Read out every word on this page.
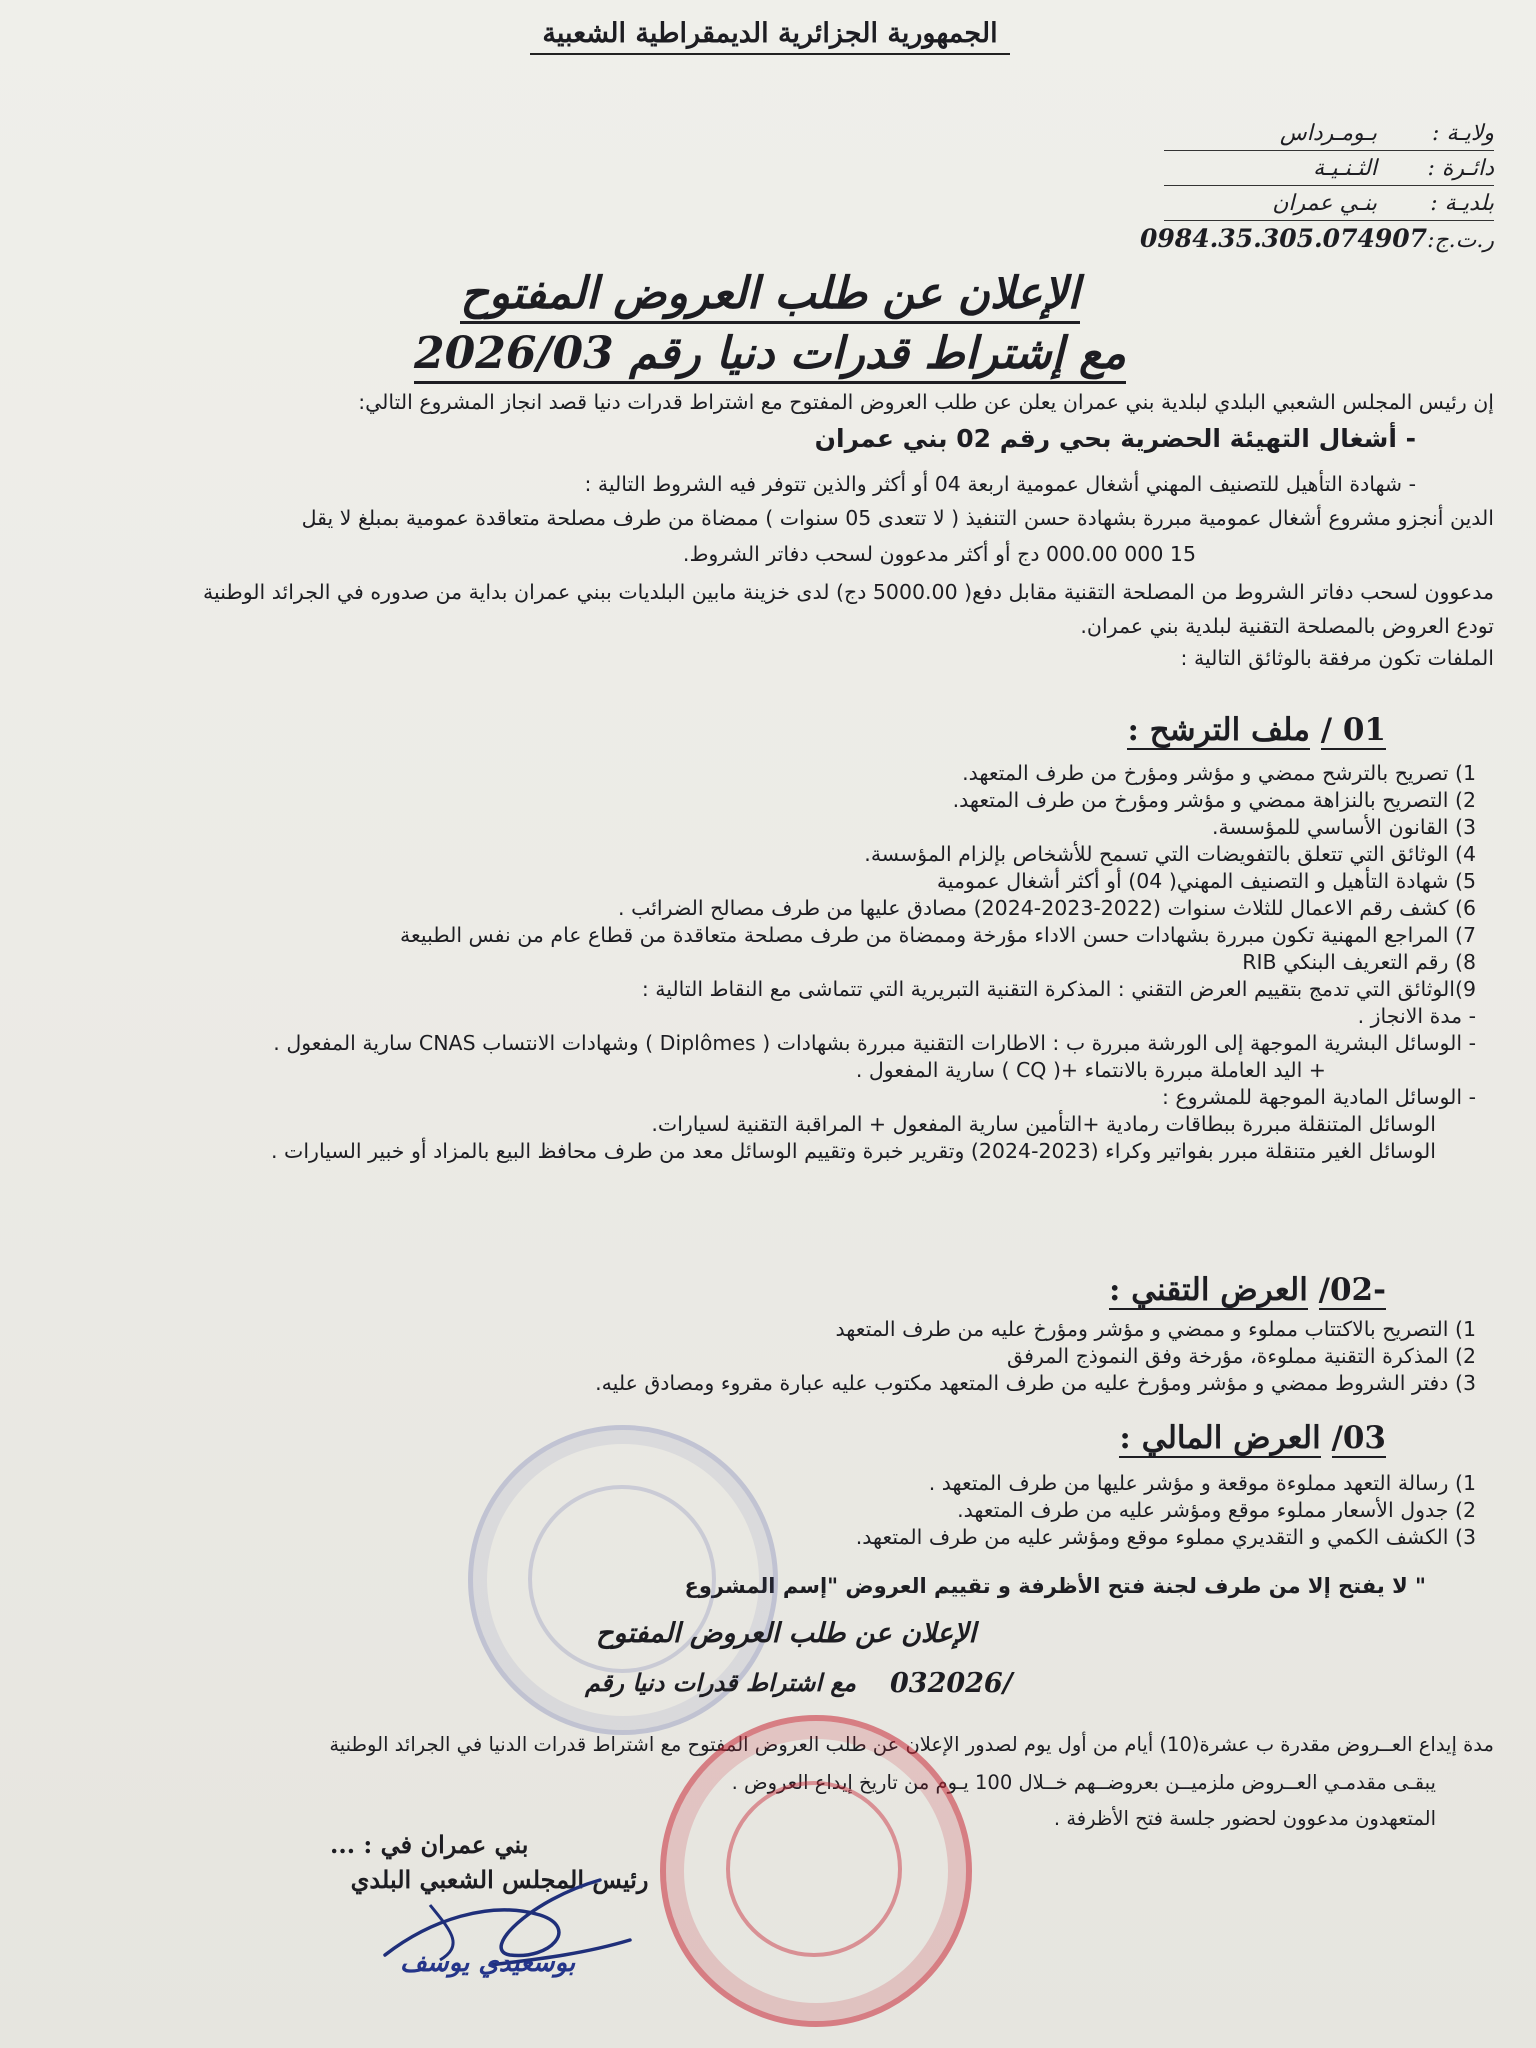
الجمهورية الجزائرية الديمقراطية الشعبية
ولايـة : بـومـرداس
دائـرة : الثـنـيـة
بلديـة : بنـي عمران
ر.ت.ج:0984.35.305.074907
الإعلان عن طلب العروض المفتوح
مع إشتراط قدرات دنيا رقم 2026/03
إن رئيس المجلس الشعبي البلدي لبلدية بني عمران يعلن عن طلب العروض المفتوح مع اشتراط قدرات دنيا قصد انجاز المشروع التالي:
- أشغال التهيئة الحضرية بحي رقم 02 بني عمران
- شهادة التأهيل للتصنيف المهني أشغال عمومية اربعة 04 أو أكثر والذين تتوفر فيه الشروط التالية :
الدين أنجزو مشروع أشغال عمومية مبررة بشهادة حسن التنفيذ ( لا تتعدى 05 سنوات ) ممضاة من طرف مصلحة متعاقدة عمومية بمبلغ لا يقل
15 000 000.00 دج أو أكثر مدعوون لسحب دفاتر الشروط.
مدعوون لسحب دفاتر الشروط من المصلحة التقنية مقابل دفع( 5000.00 دج) لدى خزينة مابين البلديات ببني عمران بداية من صدوره في الجرائد الوطنية
تودع العروض بالمصلحة التقنية لبلدية بني عمران.
الملفات تكون مرفقة بالوثائق التالية :
01 / ملف الترشح :
1) تصريح بالترشح ممضي و مؤشر ومؤرخ من طرف المتعهد.
2) التصريح بالنزاهة ممضي و مؤشر ومؤرخ من طرف المتعهد.
3) القانون الأساسي للمؤسسة.
4) الوثائق التي تتعلق بالتفويضات التي تسمح للأشخاص بإلزام المؤسسة.
5) شهادة التأهيل و التصنيف المهني( 04) أو أكثر أشغال عمومية
6) كشف رقم الاعمال للثلاث سنوات (2022-2023-2024) مصادق عليها من طرف مصالح الضرائب .
7) المراجع المهنية تكون مبررة بشهادات حسن الاداء مؤرخة وممضاة من طرف مصلحة متعاقدة من قطاع عام من نفس الطبيعة
8) رقم التعريف البنكي RIB
9)الوثائق التي تدمج بتقييم العرض التقني : المذكرة التقنية التبريرية التي تتماشى مع النقاط التالية :
- مدة الانجاز .
- الوسائل البشرية الموجهة إلى الورشة مبررة ب : الاطارات التقنية مبررة بشهادات ( Diplômes ) وشهادات الانتساب CNAS سارية المفعول .
+ اليد العاملة مبررة بالانتماء +( CQ ) سارية المفعول .
- الوسائل المادية الموجهة للمشروع :
الوسائل المتنقلة مبررة ببطاقات رمادية +التأمين سارية المفعول + المراقبة التقنية لسيارات.
الوسائل الغير متنقلة مبرر بفواتير وكراء (2023-2024) وتقرير خبرة وتقييم الوسائل معد من طرف محافظ البيع بالمزاد أو خبير السيارات .
-02/ العرض التقني :
1) التصريح بالاكتتاب مملوء و ممضي و مؤشر ومؤرخ عليه من طرف المتعهد
2) المذكرة التقنية مملوءة، مؤرخة وفق النموذج المرفق
3) دفتر الشروط ممضي و مؤشر ومؤرخ عليه من طرف المتعهد مكتوب عليه عبارة مقروء ومصادق عليه.
03/ العرض المالي :
1) رسالة التعهد مملوءة موقعة و مؤشر عليها من طرف المتعهد .
2) جدول الأسعار مملوء موقع ومؤشر عليه من طرف المتعهد.
3) الكشف الكمي و التقديري مملوء موقع ومؤشر عليه من طرف المتعهد.
" لا يفتح إلا من طرف لجنة فتح الأظرفة و تقييم العروض "إسم المشروع
الإعلان عن طلب العروض المفتوح
مع اشتراط قدرات دنيا رقم 032026/
مدة إيداع العــروض مقدرة ب عشرة(10) أيام من أول يوم لصدور الإعلان عن طلب العروض المفتوح مع اشتراط قدرات الدنيا في الجرائد الوطنية
يبقـى مقدمـي العــروض ملزميــن بعروضــهم خــلال 100 يـوم من تاريخ إيداع العروض .
المتعهدون مدعوون لحضور جلسة فتح الأظرفة .
بني عمران في : ...
رئيس المجلس الشعبي البلدي
بوسعيدي يوسف
